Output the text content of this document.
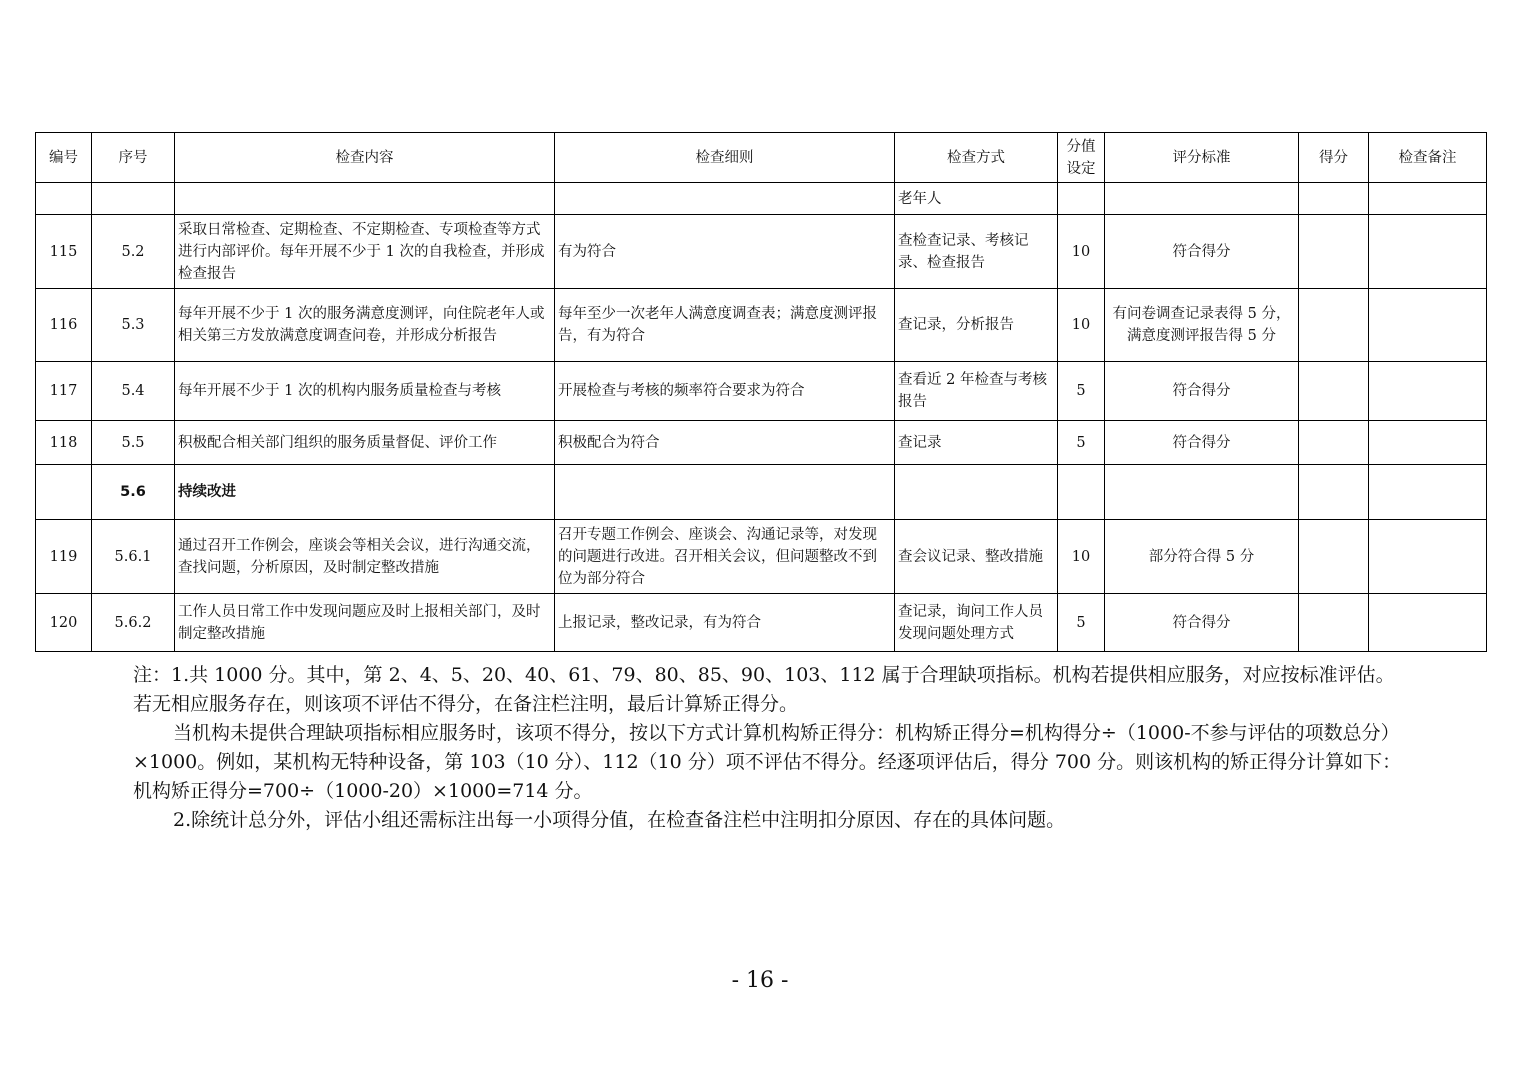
编号	序号	检查内容	检查细则	检查方式	分值设定	评分标准	得分	检查备注
				老年人				
115	5.2	采取日常检查、定期检查、不定期检查、专项检查等方式进行内部评价。每年开展不少于 1 次的自我检查，并形成检查报告	有为符合	查检查记录、考核记录、检查报告	10	符合得分		
116	5.3	每年开展不少于 1 次的服务满意度测评，向住院老年人或相关第三方发放满意度调查问卷，并形成分析报告	每年至少一次老年人满意度调查表；满意度测评报告，有为符合	查记录，分析报告	10	有问卷调查记录表得 5 分，满意度测评报告得 5 分		
117	5.4	每年开展不少于 1 次的机构内服务质量检查与考核	开展检查与考核的频率符合要求为符合	查看近 2 年检查与考核报告	5	符合得分		
118	5.5	积极配合相关部门组织的服务质量督促、评价工作	积极配合为符合	查记录	5	符合得分		
	5.6	持续改进						
119	5.6.1	通过召开工作例会，座谈会等相关会议，进行沟通交流，查找问题，分析原因，及时制定整改措施	召开专题工作例会、座谈会、沟通记录等，对发现的问题进行改进。召开相关会议，但问题整改不到位为部分符合	查会议记录、整改措施	10	部分符合得 5 分		
120	5.6.2	工作人员日常工作中发现问题应及时上报相关部门，及时制定整改措施	上报记录，整改记录，有为符合	查记录，询问工作人员发现问题处理方式	5	符合得分		

注：1.共 1000 分。其中，第 2、4、5、20、40、61、79、80、85、90、103、112 属于合理缺项指标。机构若提供相应服务，对应按标准评估。若无相应服务存在，则该项不评估不得分，在备注栏注明，最后计算矫正得分。

当机构未提供合理缺项指标相应服务时，该项不得分，按以下方式计算机构矫正得分：机构矫正得分=机构得分÷（1000-不参与评估的项数总分）×1000。例如，某机构无特种设备，第 103（10 分）、112（10 分）项不评估不得分。经逐项评估后，得分 700 分。则该机构的矫正得分计算如下：机构矫正得分=700÷（1000-20）×1000=714 分。

2.除统计总分外，评估小组还需标注出每一小项得分值，在检查备注栏中注明扣分原因、存在的具体问题。

- 16 -
